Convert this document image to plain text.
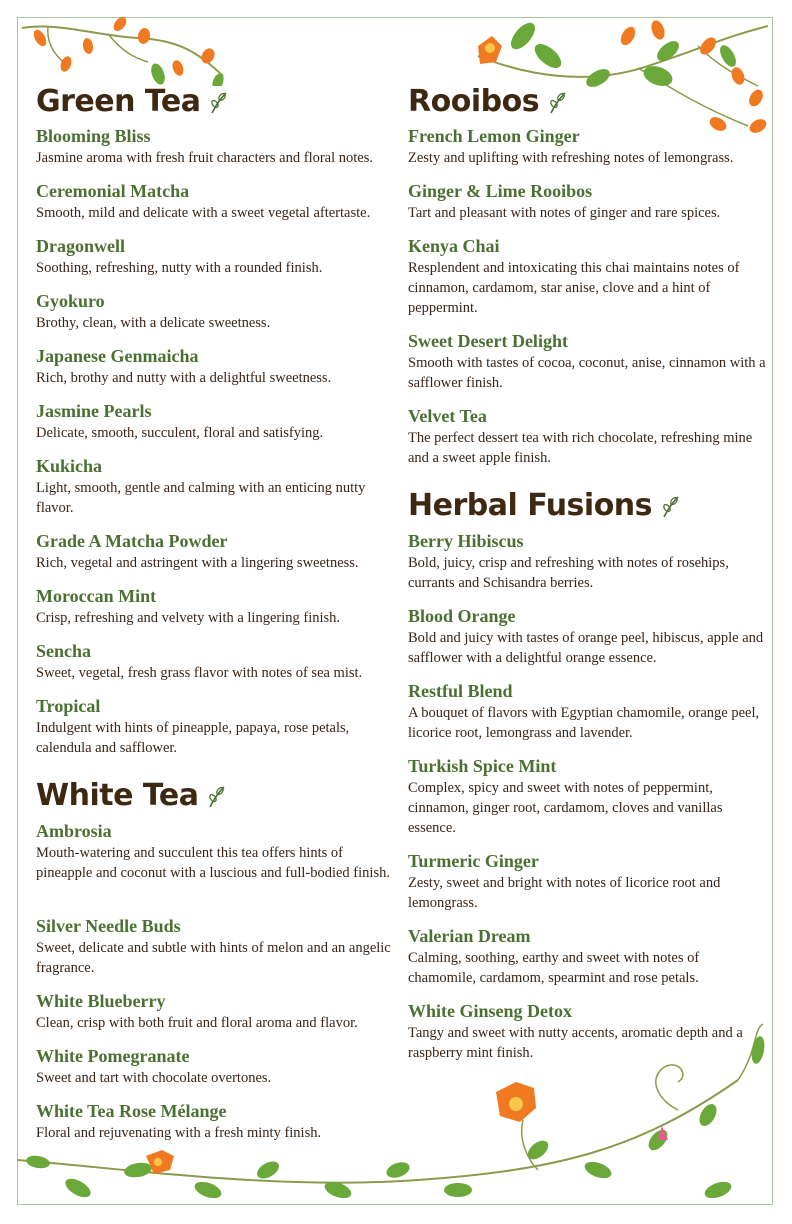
Green Tea

Blooming Bliss

Jasmine aroma with fresh fruit characters and floral notes.

Ceremonial Matcha

Smooth, mild and delicate with a sweet vegetal aftertaste.

Dragonwell

Soothing, refreshing, nutty with a rounded finish.

Gyokuro

Brothy, clean, with a delicate sweetness.

Japanese Genmaicha

Rich, brothy and nutty with a delightful sweetness.

Jasmine Pearls

Delicate, smooth, succulent, floral and satisfying.

Kukicha

Light, smooth, gentle and calming with an enticing nutty flavor.

Grade A Matcha Powder

Rich, vegetal and astringent with a lingering sweetness.

Moroccan Mint

Crisp, refreshing and velvety with a lingering finish.

Sencha

Sweet, vegetal, fresh grass flavor with notes of sea mist.

Tropical

Indulgent with hints of pineapple, papaya, rose petals, calendula and safflower.

White Tea

Ambrosia

Mouth-watering and succulent this tea offers hints of pineapple and coconut with a luscious and full-bodied finish.

Silver Needle Buds

Sweet, delicate and subtle with hints of melon and an angelic fragrance.

White Blueberry

Clean, crisp with both fruit and floral aroma and flavor.

White Pomegranate

Sweet and tart with chocolate overtones.

White Tea Rose Mélange

Floral and rejuvenating with a fresh minty finish.

Rooibos

French Lemon Ginger

Zesty and uplifting with refreshing notes of lemongrass.

Ginger & Lime Rooibos

Tart and pleasant with notes of ginger and rare spices.

Kenya Chai

Resplendent and intoxicating this chai maintains notes of cinnamon, cardamom, star anise, clove and a hint of peppermint.

Sweet Desert Delight

Smooth with tastes of cocoa, coconut, anise, cinnamon with a safflower finish.

Velvet Tea

The perfect dessert tea with rich chocolate, refreshing mine and a sweet apple finish.

Herbal Fusions

Berry Hibiscus

Bold, juicy, crisp and refreshing with notes of rosehips, currants and Schisandra berries.

Blood Orange

Bold and juicy with tastes of orange peel, hibiscus, apple and safflower with a delightful orange essence.

Restful Blend

A bouquet of flavors with Egyptian chamomile, orange peel, licorice root, lemongrass and lavender.

Turkish Spice Mint

Complex, spicy and sweet with notes of peppermint, cinnamon, ginger root, cardamom, cloves and vanillas essence.

Turmeric Ginger

Zesty, sweet and bright with notes of licorice root and lemongrass.

Valerian Dream

Calming, soothing, earthy and sweet with notes of chamomile, cardamom, spearmint and rose petals.

White Ginseng Detox

Tangy and sweet with nutty accents, aromatic depth and a raspberry mint finish.
